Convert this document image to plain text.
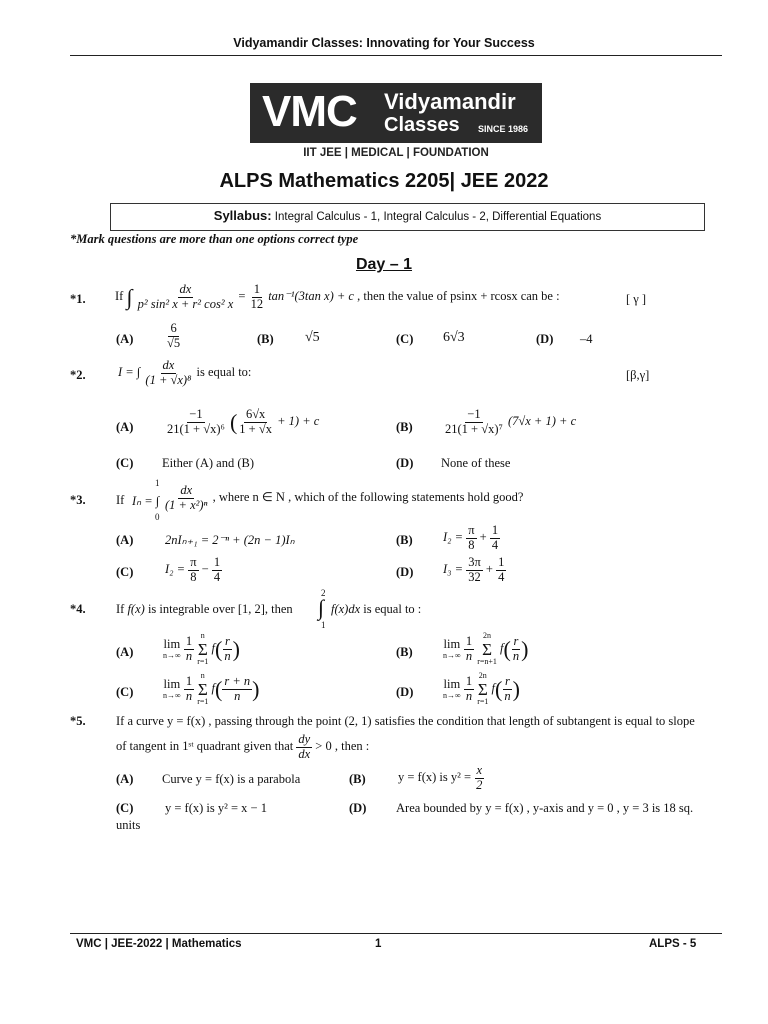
Vidyamandir Classes: Innovating for Your Success
VMC Vidyamandir
Classes SINCE 1986
IIT JEE | MEDICAL | FOUNDATION
ALPS Mathematics 2205| JEE 2022
Syllabus: Integral Calculus - 1, Integral Calculus - 2, Differential Equations
*Mark questions are more than one options correct type
Day – 1
*1. If ∫ $\frac{dx}{\text{p² sin² x + r² cos² x}} = \frac{1}{12} \tan^{-1}(3\tan$ x) + c , then the value of psinx + rcosx can be :	[ γ ]
(A)	$\frac{6}{√5}$	(B) √5	(C) 6√3	(D) –4
*2.	I = ∫ $\frac{dx}{\text{(1 + √x)⁸}}$ is equal to:	[β,γ]
(A)	$\frac{-1}{\text{21(1 + √x)⁶}}$ ( $\frac{6√x}{1 + √x} + 1) + c$	$(B) \frac{-1}{\text{21(1 + √x)⁷}} (7√x + 1) + c$
(C) Either (A) and (B)	(D) None of these
*3. If Iₙ = ∫
1
0
$\frac{dx}{\text{(1 + x²)ⁿ}}$ , where n ∈ N , which of the following statements hold good?
(A)	2nIₙ₊₁ = 2⁻ⁿ + (2n − 1)Iₙ	(B) $I_2 = \frac{\pi}{8} + \frac{1}{4}$
(C)	$I_2 = \frac{\pi}{8} - \frac{1}{4}$	(D) $I_3 = \frac{3\pi}{32} + \frac{1}{4}$
*4. If f(x) is integrable over [1, 2], then
2
∫
1
f(x)dx is equal to :
(A)
lim
n→∞
$\frac{1}{n}$
n
Σ
r=1
$f( \frac{r}{n}$ )	(B)
lim
n→∞
$\frac{1}{n}$
2n
Σ
r=n+1
$f( \frac{r}{n}$ )
(C)
lim
n→∞
$\frac{1}{n}$
n
Σ
r=1
$f( \frac{r + n}{n}$ )	(D)
lim
n→∞
$\frac{1}{n}$
2n
Σ
r=1
$f( \frac{r}{n}$ )
*5. If a curve y = f(x) , passing through the point (2, 1) satisfies the condition that length of subtangent is equal to slope
of tangent in 1ˢᵗ quadrant given that $\frac{dy}{dx} > 0$ , then :
(A) Curve y = f(x) is a parabola	(B)	y = f(x) is $y^2 = \frac{x}{2}$
(C)	y = f(x) is y² = x − 1	(D) Area bounded by y = f(x) , y-axis and y = 0 , y = 3 is 18 sq.
units
VMC | JEE-2022 | Mathematics	1	ALPS - 5
